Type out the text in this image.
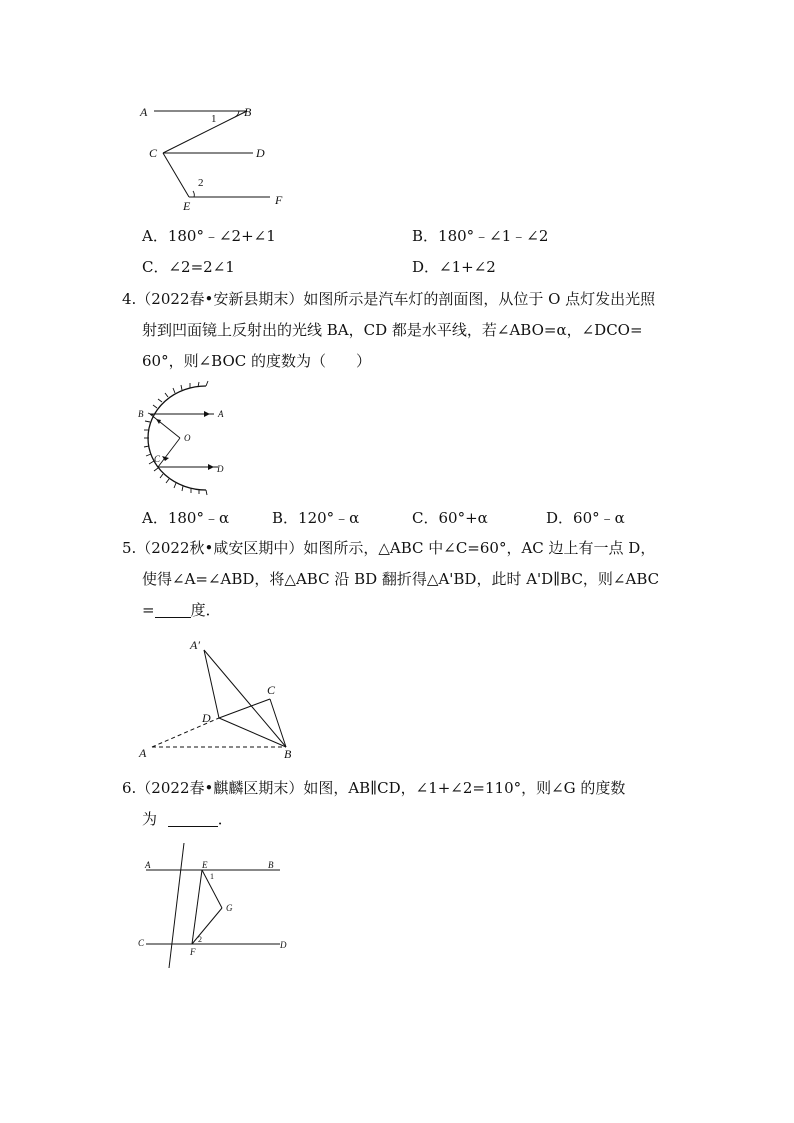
A	B
C	D
E	F
1
2
A．180°﹣∠2+∠1	B．180°﹣∠1﹣∠2
C．∠2=2∠1	D．∠1+∠2
4.（2022春•安新县期末）如图所示是汽车灯的剖面图，从位于 O 点灯发出光照
射到凹面镜上反射出的光线 BA，CD 都是水平线，若∠ABO=α，∠DCO=
60°，则∠BOC 的度数为（　　）
B	A
O
C
D
A．180°﹣α	B．120°﹣α	C．60°+α	D．60°﹣α
5.（2022秋•咸安区期中）如图所示，△ABC 中∠C=60°，AC 边上有一点 D，
使得∠A=∠ABD，将△ABC 沿 BD 翻折得△A'BD，此时 A'D∥BC，则∠ABC
= 度．
A′
C
D
A	B
6.（2022春•麒麟区期末）如图，AB∥CD，∠1+∠2=110°，则∠G 的度数
为	．
A	E	B
1
G
C	2
F
D
